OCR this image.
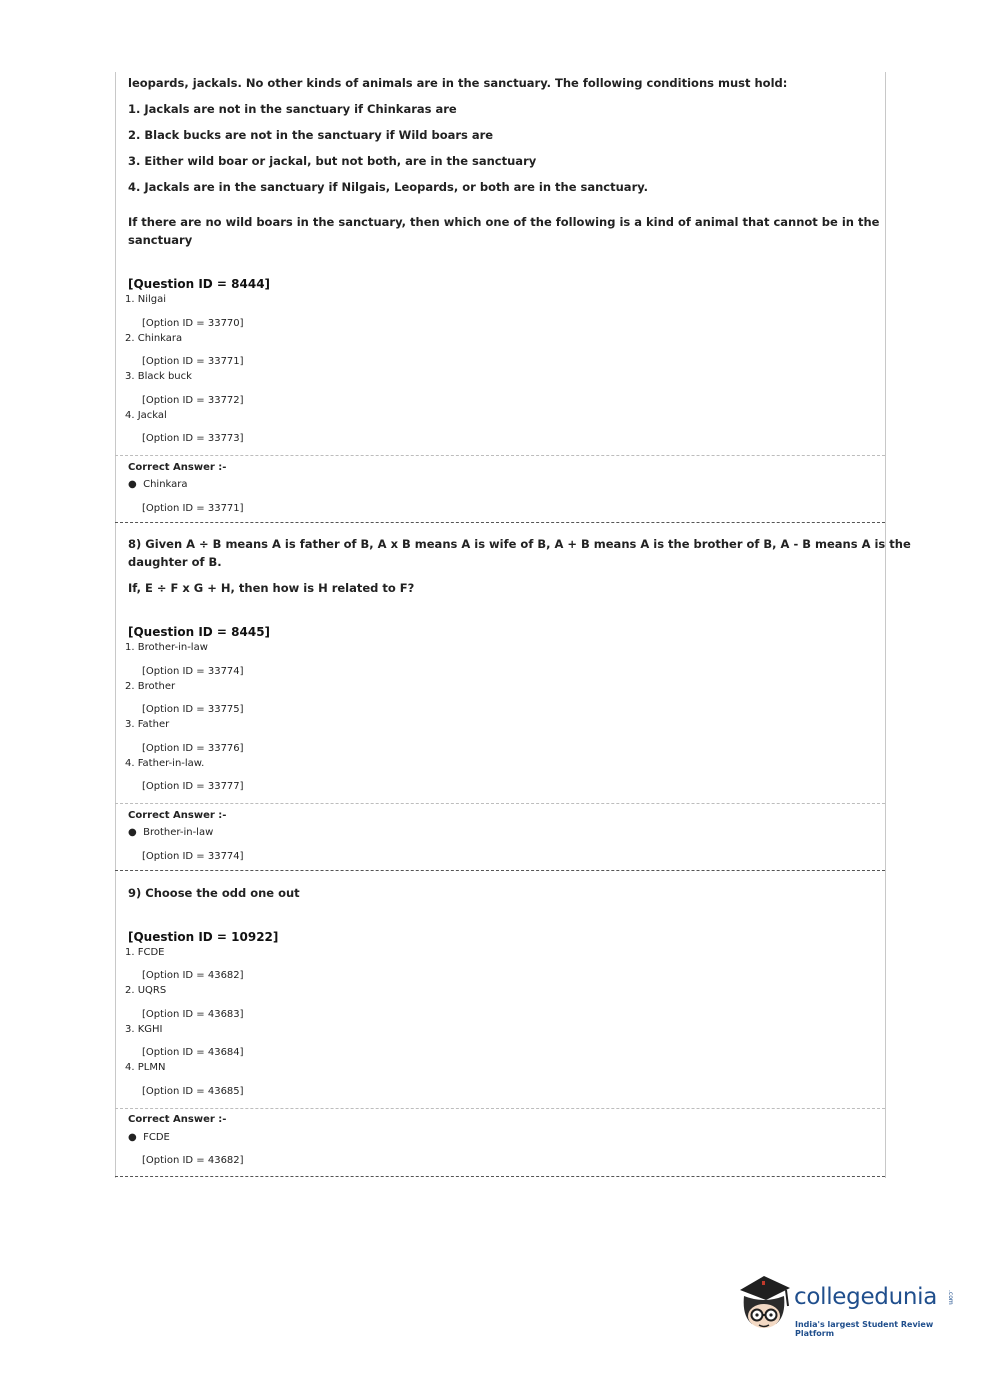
leopards, jackals. No other kinds of animals are in the sanctuary. The following conditions must hold:
1. Jackals are not in the sanctuary if Chinkaras are
2. Black bucks are not in the sanctuary if Wild boars are
3. Either wild boar or jackal, but not both, are in the sanctuary
4. Jackals are in the sanctuary if Nilgais, Leopards, or both are in the sanctuary.
If there are no wild boars in the sanctuary, then which one of the following is a kind of animal that cannot be in the
sanctuary
[Question ID = 8444]
1. Nilgai
[Option ID = 33770]
2. Chinkara
[Option ID = 33771]
3. Black buck
[Option ID = 33772]
4. Jackal
[Option ID = 33773]
Correct Answer :-
● Chinkara
[Option ID = 33771]
8) Given A ÷ B means A is father of B, A x B means A is wife of B, A + B means A is the brother of B, A - B means A is the
daughter of B.
If, E ÷ F x G + H, then how is H related to F?
[Question ID = 8445]
1. Brother-in-law
[Option ID = 33774]
2. Brother
[Option ID = 33775]
3. Father
[Option ID = 33776]
4. Father-in-law.
[Option ID = 33777]
Correct Answer :-
● Brother-in-law
[Option ID = 33774]
9) Choose the odd one out
[Question ID = 10922]
1. FCDE
[Option ID = 43682]
2. UQRS
[Option ID = 43683]
3. KGHI
[Option ID = 43684]
4. PLMN
[Option ID = 43685]
Correct Answer :-
● FCDE
[Option ID = 43682]
collegedunia .com
India's largest Student Review Platform
